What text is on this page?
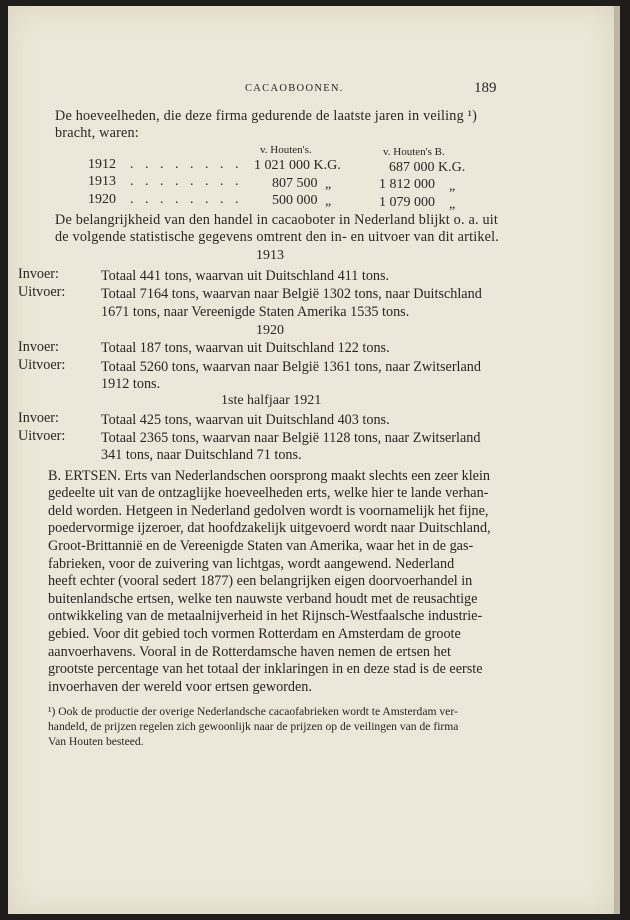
CACAOBOONEN.	189
De hoeveelheden, die deze firma gedurende de laatste jaren in veiling ¹)
bracht, waren:
v. Houten's.	v. Houten's B.
1912 . . . . . . . . 1 021 000 K.G.	687 000 K.G.
1913 . . . . . . . . 807 500 „	1 812 000 „
1920 . . . . . . . . 500 000 „	1 079 000 „
De belangrijkheid van den handel in cacaoboter in Nederland blijkt o. a. uit
de volgende statistische gegevens omtrent den in- en uitvoer van dit artikel.
1913
Invoer:	Totaal 441 tons, waarvan uit Duitschland 411 tons.
Uitvoer:	Totaal 7164 tons, waarvan naar België 1302 tons, naar Duitschland
1671 tons, naar Vereenigde Staten Amerika 1535 tons.
1920
Invoer:	Totaal 187 tons, waarvan uit Duitschland 122 tons.
Uitvoer:	Totaal 5260 tons, waarvan naar België 1361 tons, naar Zwitserland
1912 tons.
1ste halfjaar 1921
Invoer:	Totaal 425 tons, waarvan uit Duitschland 403 tons.
Uitvoer:	Totaal 2365 tons, waarvan naar België 1128 tons, naar Zwitserland
341 tons, naar Duitschland 71 tons.
B. ERTSEN. Erts van Nederlandschen oorsprong maakt slechts een zeer klein
gedeelte uit van de ontzaglijke hoeveelheden erts, welke hier te lande verhan-
deld worden. Hetgeen in Nederland gedolven wordt is voornamelijk het fijne,
poedervormige ijzeroer, dat hoofdzakelijk uitgevoerd wordt naar Duitschland,
Groot-Brittannië en de Vereenigde Staten van Amerika, waar het in de gas-
fabrieken, voor de zuivering van lichtgas, wordt aangewend. Nederland
heeft echter (vooral sedert 1877) een belangrijken eigen doorvoerhandel in
buitenlandsche ertsen, welke ten nauwste verband houdt met de reusachtige
ontwikkeling van de metaalnijverheid in het Rijnsch-Westfaalsche industrie-
gebied. Voor dit gebied toch vormen Rotterdam en Amsterdam de groote
aanvoerhavens. Vooral in de Rotterdamsche haven nemen de ertsen het
grootste percentage van het totaal der inklaringen in en deze stad is de eerste
invoerhaven der wereld voor ertsen geworden.
¹) Ook de productie der overige Nederlandsche cacaofabrieken wordt te Amsterdam ver-
handeld, de prijzen regelen zich gewoonlijk naar de prijzen op de veilingen van de firma
Van Houten besteed.
